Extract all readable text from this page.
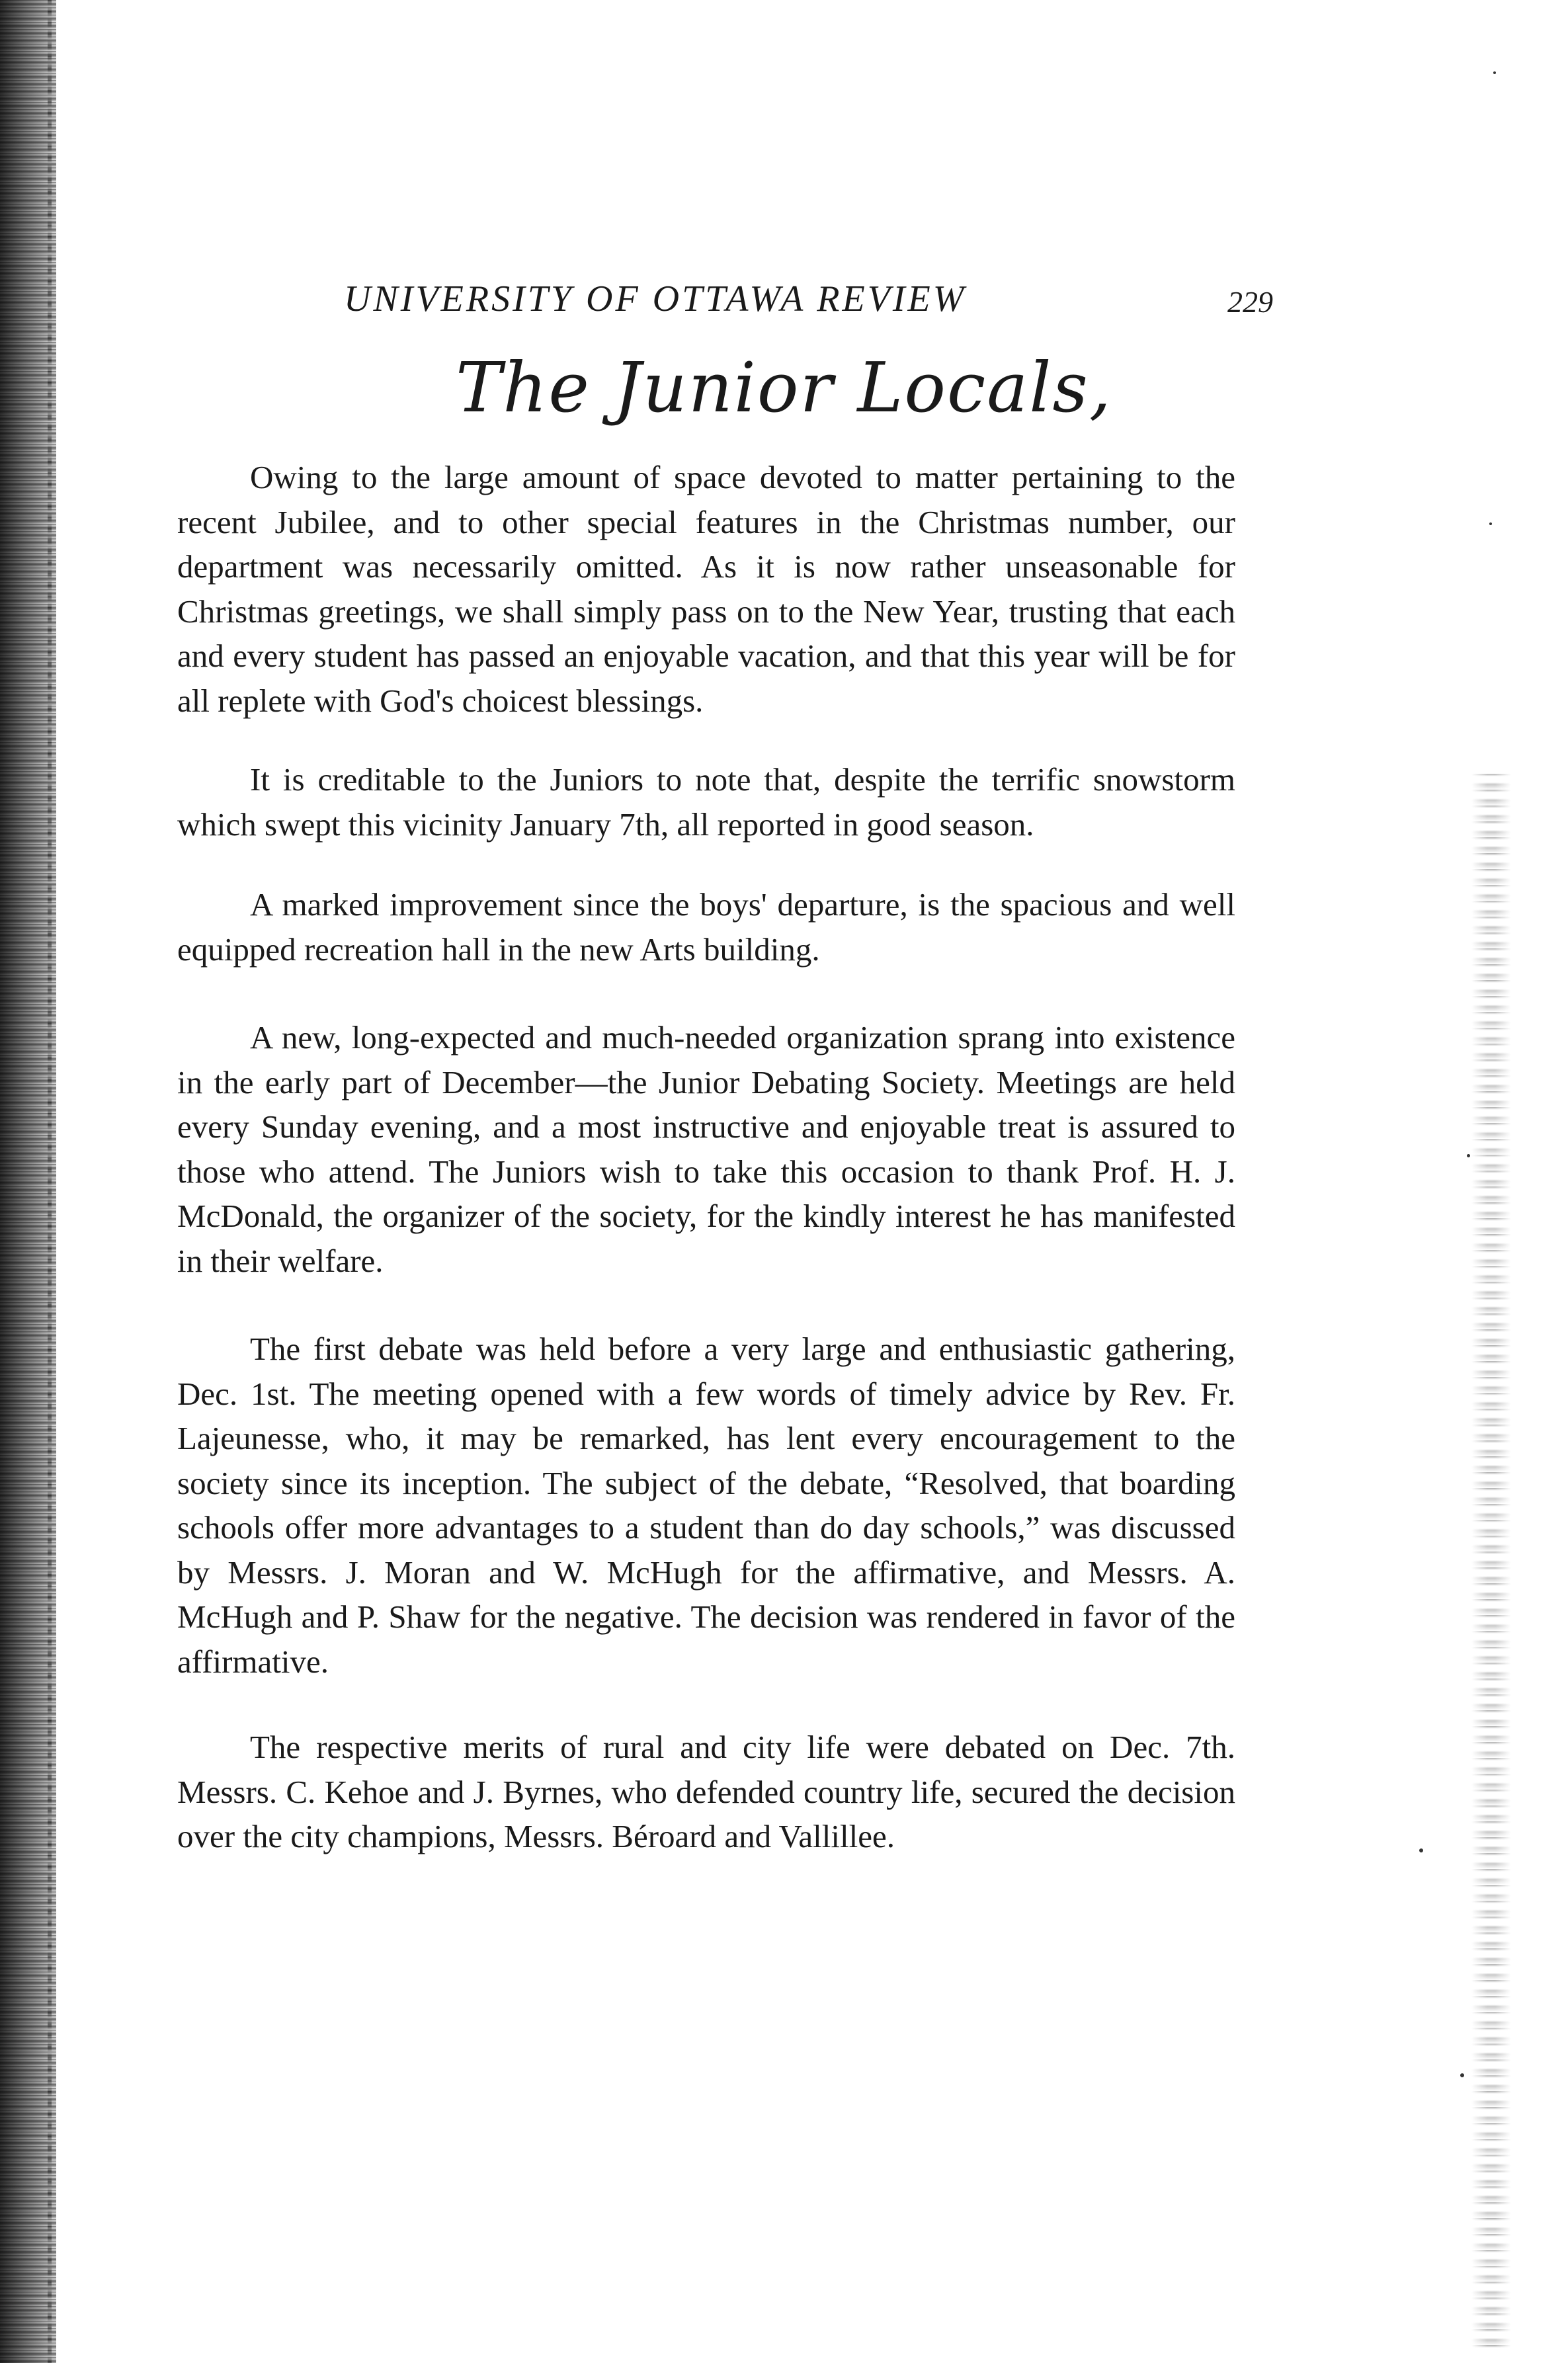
UNIVERSITY OF OTTAWA REVIEW	229
The Junior Locals,

Owing to the large amount of space devoted to matter pertaining to the recent Jubilee, and to other special features in the Christmas number, our department was necessarily omitted. As it is now rather unseasonable for Christmas greetings, we shall simply pass on to the New Year, trusting that each and every student has passed an enjoyable vacation, and that this year will be for all replete with God's choicest blessings.

It is creditable to the Juniors to note that, despite the terrific snowstorm which swept this vicinity January 7th, all reported in good season.

A marked improvement since the boys' departure, is the spacious and well equipped recreation hall in the new Arts building.

A new, long-expected and much-needed organization sprang into existence in the early part of December—the Junior Debating Society. Meetings are held every Sunday evening, and a most instructive and enjoyable treat is assured to those who attend. The Juniors wish to take this occasion to thank Prof. H. J. McDonald, the organizer of the society, for the kindly interest he has manifested in their welfare.

The first debate was held before a very large and enthusiastic gathering, Dec. 1st. The meeting opened with a few words of timely advice by Rev. Fr. Lajeunesse, who, it may be remarked, has lent every encouragement to the society since its inception. The subject of the debate, “Resolved, that boarding schools offer more advantages to a student than do day schools,” was discussed by Messrs. J. Moran and W. McHugh for the affirmative, and Messrs. A. McHugh and P. Shaw for the negative. The decision was rendered in favor of the affirmative.

The respective merits of rural and city life were debated on Dec. 7th. Messrs. C. Kehoe and J. Byrnes, who defended country life, secured the decision over the city champions, Messrs. Béroard and Vallillee.
